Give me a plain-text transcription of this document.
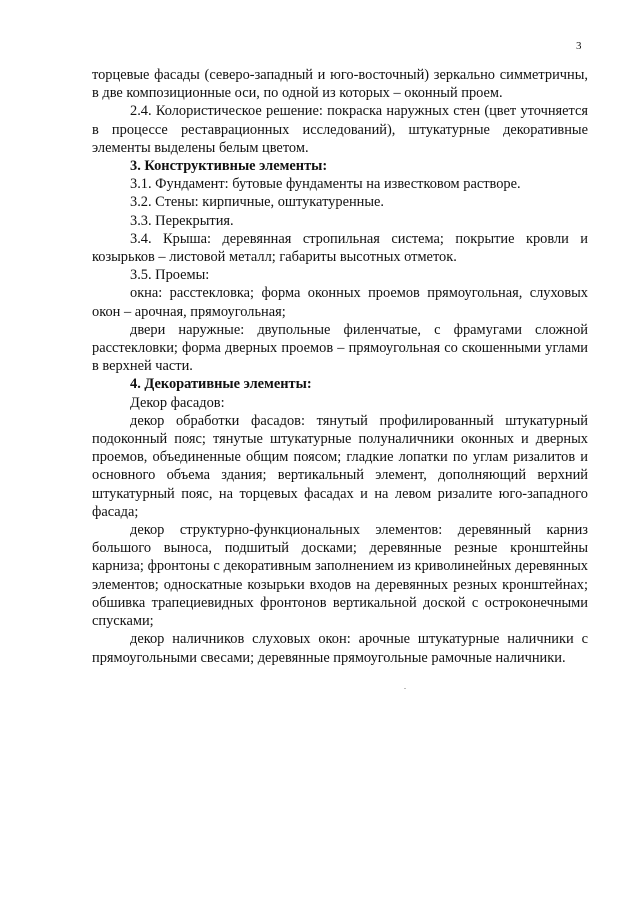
3

торцевые фасады (северо-западный и юго-восточный) зеркально симметричны, в две композиционные оси, по одной из которых – оконный проем.

2.4. Колористическое решение: покраска наружных стен (цвет уточняется в процессе реставрационных исследований), штукатурные декоративные элементы выделены белым цветом.

3. Конструктивные элементы:

3.1. Фундамент: бутовые фундаменты на известковом растворе.

3.2. Стены: кирпичные, оштукатуренные.

3.3. Перекрытия.

3.4. Крыша: деревянная стропильная система; покрытие кровли и козырьков – листовой металл; габариты высотных отметок.

3.5. Проемы:

окна: расстекловка; форма оконных проемов прямоугольная, слуховых окон – арочная, прямоугольная;

двери наружные: двупольные филенчатые, с фрамугами сложной расстекловки; форма дверных проемов – прямоугольная со скошенными углами в верхней части.

4. Декоративные элементы:

Декор фасадов:

декор обработки фасадов: тянутый профилированный штукатурный подоконный пояс; тянутые штукатурные полуналичники оконных и дверных проемов, объединенные общим поясом; гладкие лопатки по углам ризалитов и основного объема здания; вертикальный элемент, дополняющий верхний штукатурный пояс, на торцевых фасадах и на левом ризалите юго-западного фасада;

декор структурно-функциональных элементов: деревянный карниз большого выноса, подшитый досками; деревянные резные кронштейны карниза; фронтоны с декоративным заполнением из криволинейных деревянных элементов; односкатные козырьки входов на деревянных резных кронштейнах; обшивка трапециевидных фронтонов вертикальной доской с остроконечными спусками;

декор наличников слуховых окон: арочные штукатурные наличники с прямоугольными свесами; деревянные прямоугольные рамочные наличники.
